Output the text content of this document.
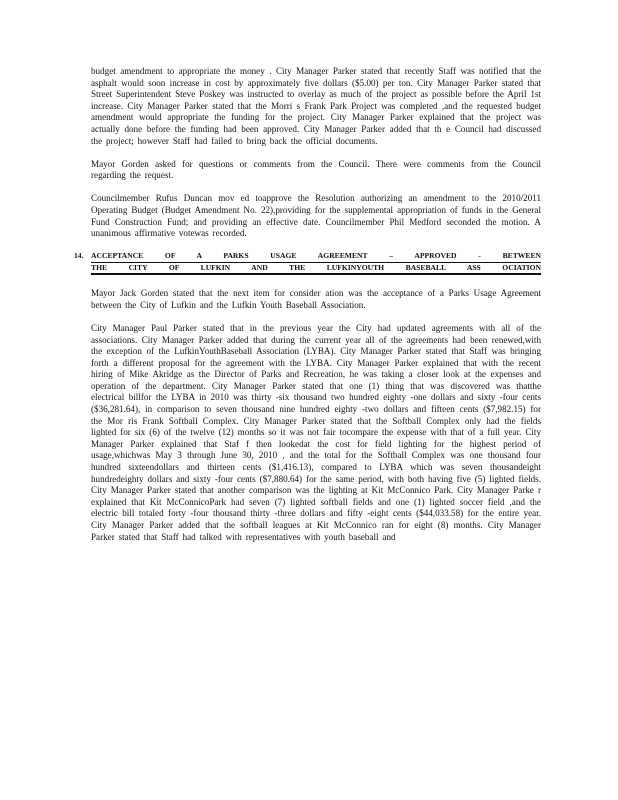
budget amendment to appropriate the money . City Manager Parker stated that recently Staff was notified that the asphalt would soon increase in cost by approximately five dollars ($5.00) per ton. City Manager Parker stated that Street Superintendent Steve Poskey was instructed to overlay as much of the project as possible before the April 1st increase. City Manager Parker stated that the Morri s Frank Park Project was completed ,and the requested budget amendment would appropriate the funding for the project. City Manager Parker explained that the project was actually done before the funding had been approved. City Manager Parker added that th e Council had discussed the project; however Staff had failed to bring back the official documents.

Mayor Gorden asked for questions or comments from the Council. There were comments from the Council regarding the request.

Councilmember Rufus Duncan mov ed toapprove the Resolution authorizing an amendment to the 2010/2011 Operating Budget (Budget Amendment No. 22),providing for the supplemental appropriation of funds in the General Fund Construction Fund; and providing an effective date. Councilmember Phil Medford seconded the motion. A unanimous affirmative votewas recorded.

14. ACCEPTANCE OF A PARKS USAGE AGREEMENT – APPROVED - BETWEEN
THE CITY OF LUFKIN AND THE LUFKINYOUTH BASEBALL ASS OCIATION

Mayor Jack Gorden stated that the next item for consider ation was the acceptance of a Parks Usage Agreement between the City of Lufkin and the Lufkin Youth Baseball Association.

City Manager Paul Parker stated that in the previous year the City had updated agreements with all of the associations. City Manager Parker added that during the current year all of the agreements had been renewed,with the exception of the LufkinYouthBaseball Association (LYBA). City Manager Parker stated that Staff was bringing forth a different proposal for the agreement with the LYBA. City Manager Parker explained that with the recent hiring of Mike Akridge as the Director of Parks and Recreation, he was taking a closer look at the expenses and operation of the department. City Manager Parker stated that one (1) thing that was discovered was thatthe electrical billfor the LYBA in 2010 was thirty -six thousand two hundred eighty -one dollars and sixty -four cents ($36,281.64), in comparison to seven thousand nine hundred eighty -two dollars and fifteen cents ($7,982.15) for the Mor ris Frank Softball Complex. City Manager Parker stated that the Softball Complex only had the fields lighted for six (6) of the twelve (12) months so it was not fair tocompare the expense with that of a full year. City Manager Parker explained that Staf f then lookedat the cost for field lighting for the highest period of usage,whichwas May 3 through June 30, 2010 , and the total for the Softball Complex was one thousand four hundred sixteendollars and thirteen cents ($1,416.13), compared to LYBA which was seven thousandeight hundredeighty dollars and sixty -four cents ($7,880.64) for the same period, with both having five (5) lighted fields. City Manager Parker stated that another comparison was the lighting at Kit McConnico Park. City Manager Parke r explained that Kit McConnicoPark had seven (7) lighted softball fields and one (1) lighted soccer field ,and the electric bill totaled forty -four thousand thirty -three dollars and fifty -eight cents ($44,033.58) for the entire year. City Manager Parker added that the softball leagues at Kit McConnico ran for eight (8) months. City Manager Parker stated that Staff had talked with representatives with youth baseball and
